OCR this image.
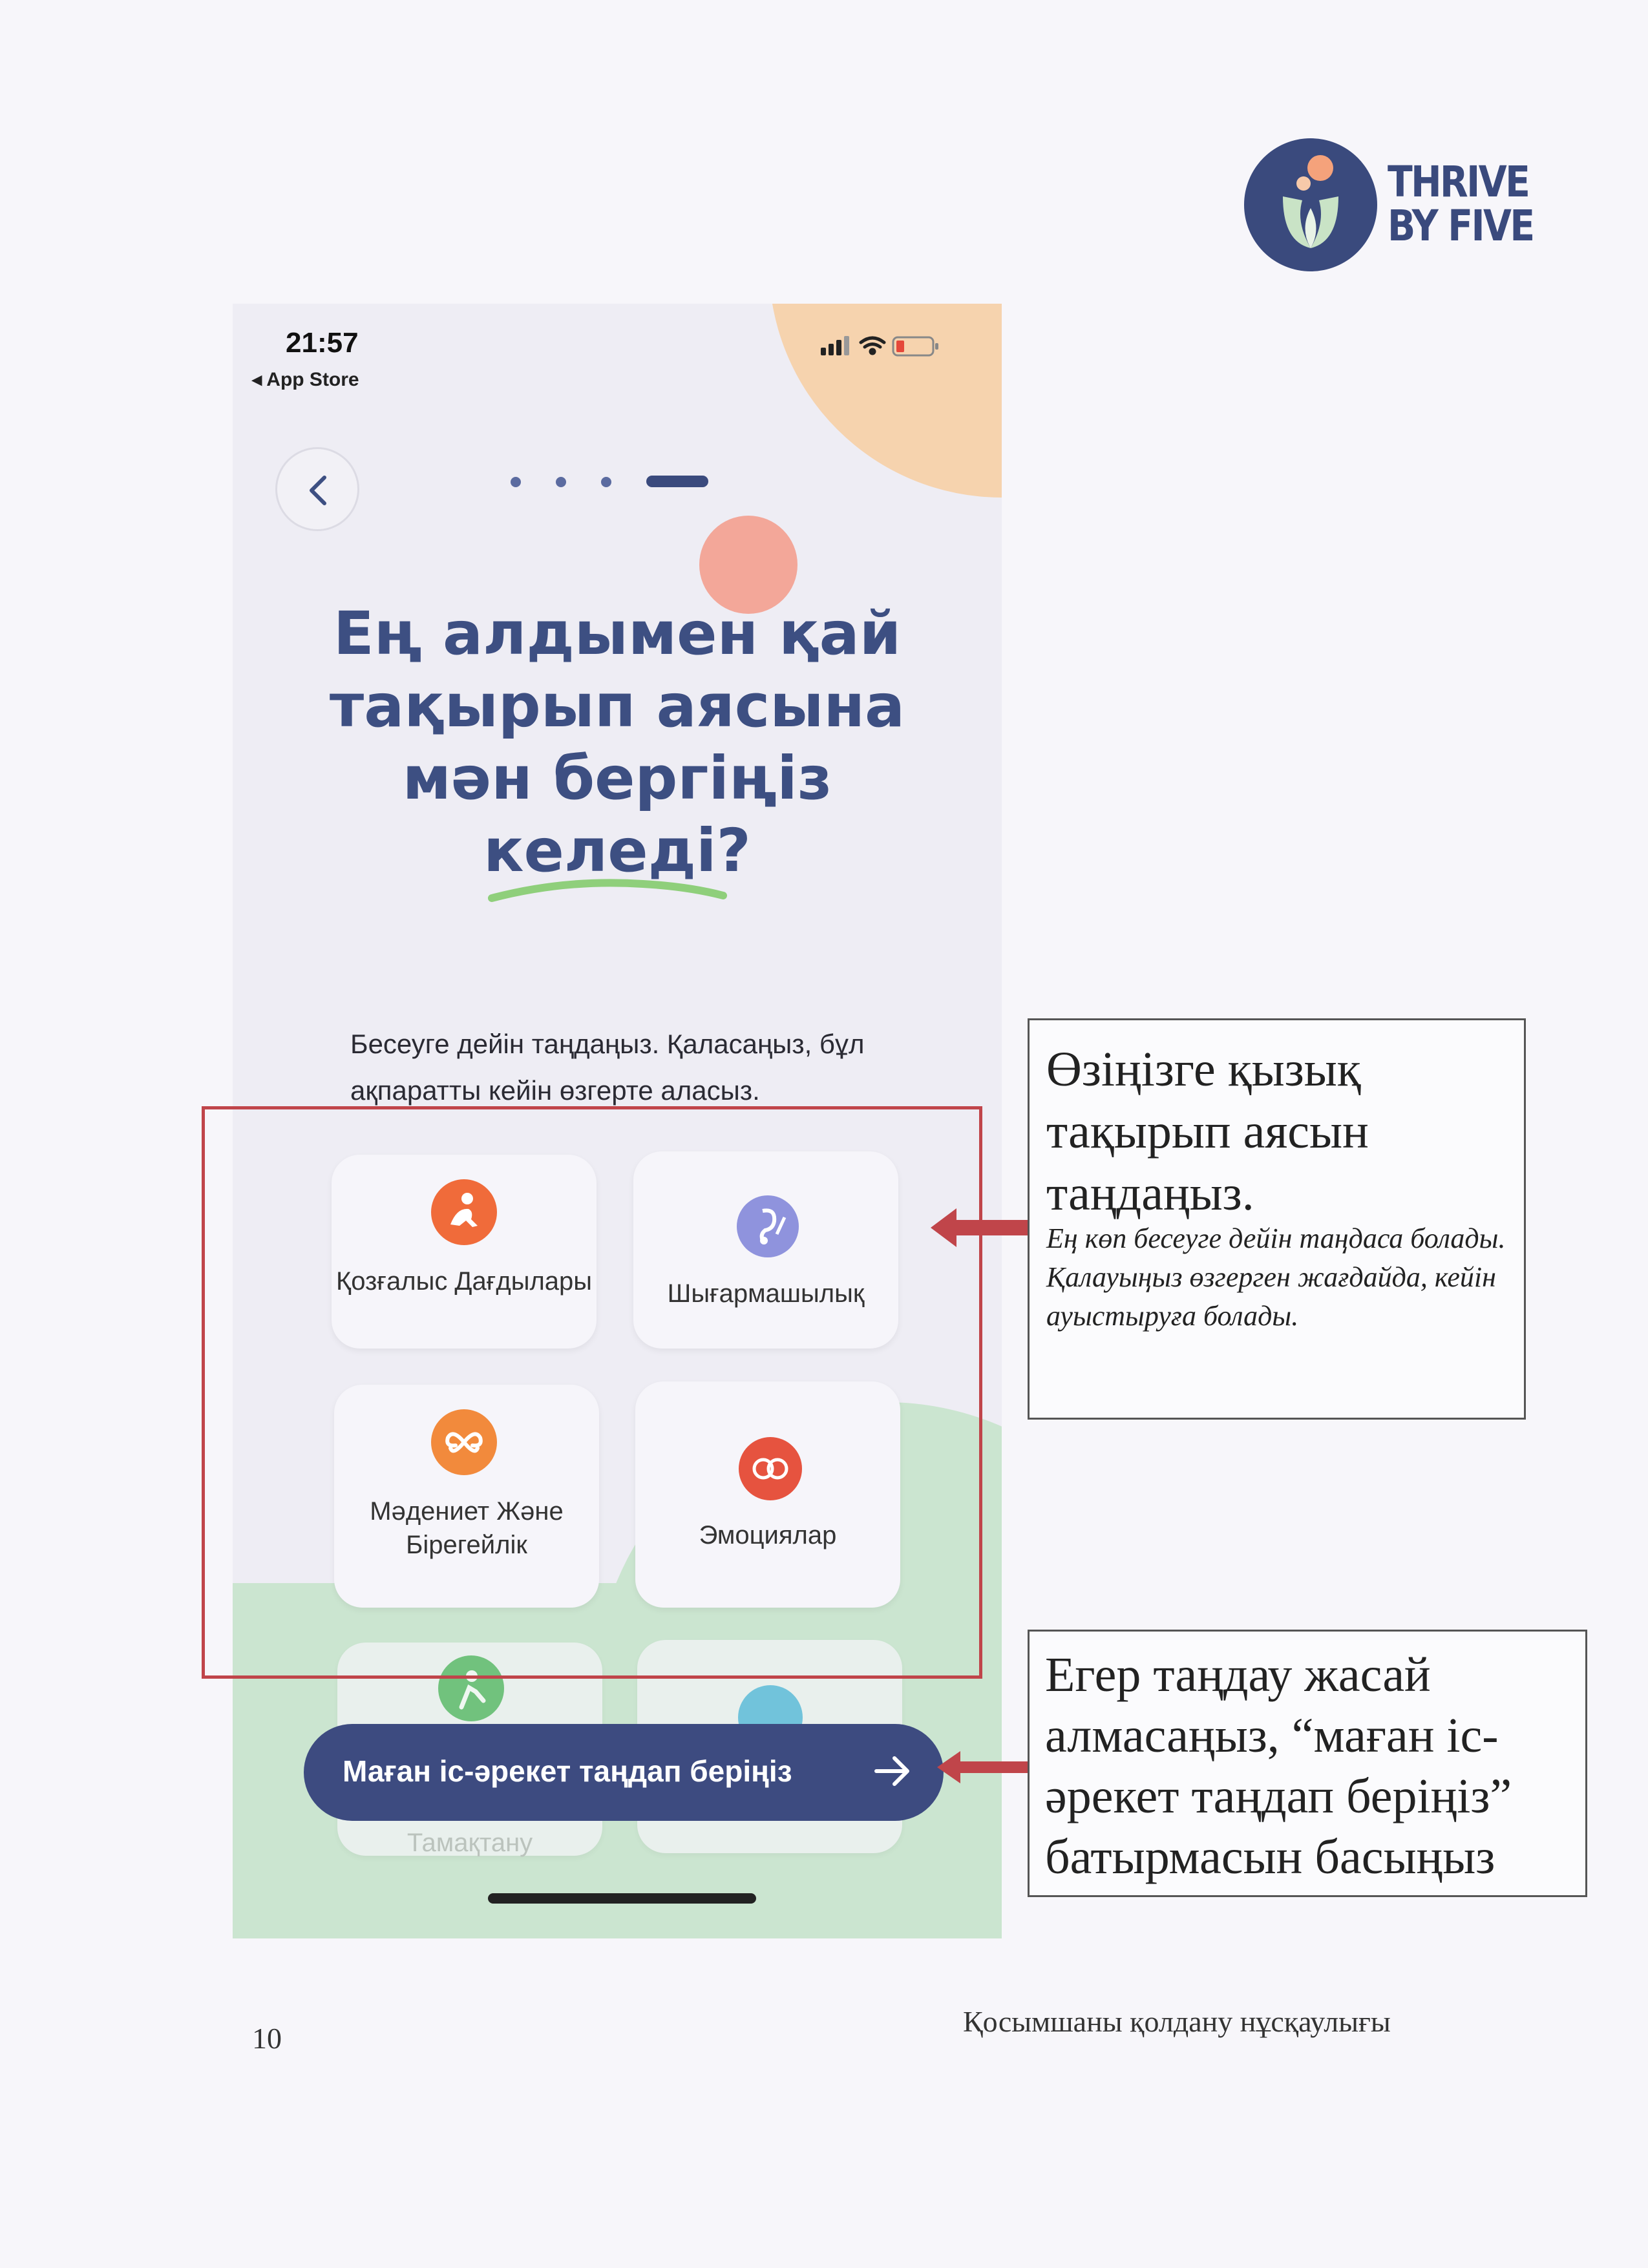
THRIVE
BY FIVE
21:57
◂ App Store
Ең алдымен қай тақырып аясына мән бергіңіз келеді?
Бесеуге дейін таңдаңыз. Қаласаңыз, бұл ақпаратты кейін өзгерте аласыз.
Қозғалыс Дағдылары	Шығармашылық
Мәдениет Және Бірегейлік	Эмоциялар
Тамақтану
Маған іс-әрекет таңдап беріңіз
Өзіңізге қызық тақырып аясын таңдаңыз.
Ең көп бесеуге дейін таңдаса болады. Қалауыңыз өзгерген жағдайда, кейін ауыстыруға болады.
Егер таңдау жасай алмасаңыз, “маған іс-әрекет таңдап беріңіз” батырмасын басыңыз
10
Қосымшаны қолдану нұсқаулығы
